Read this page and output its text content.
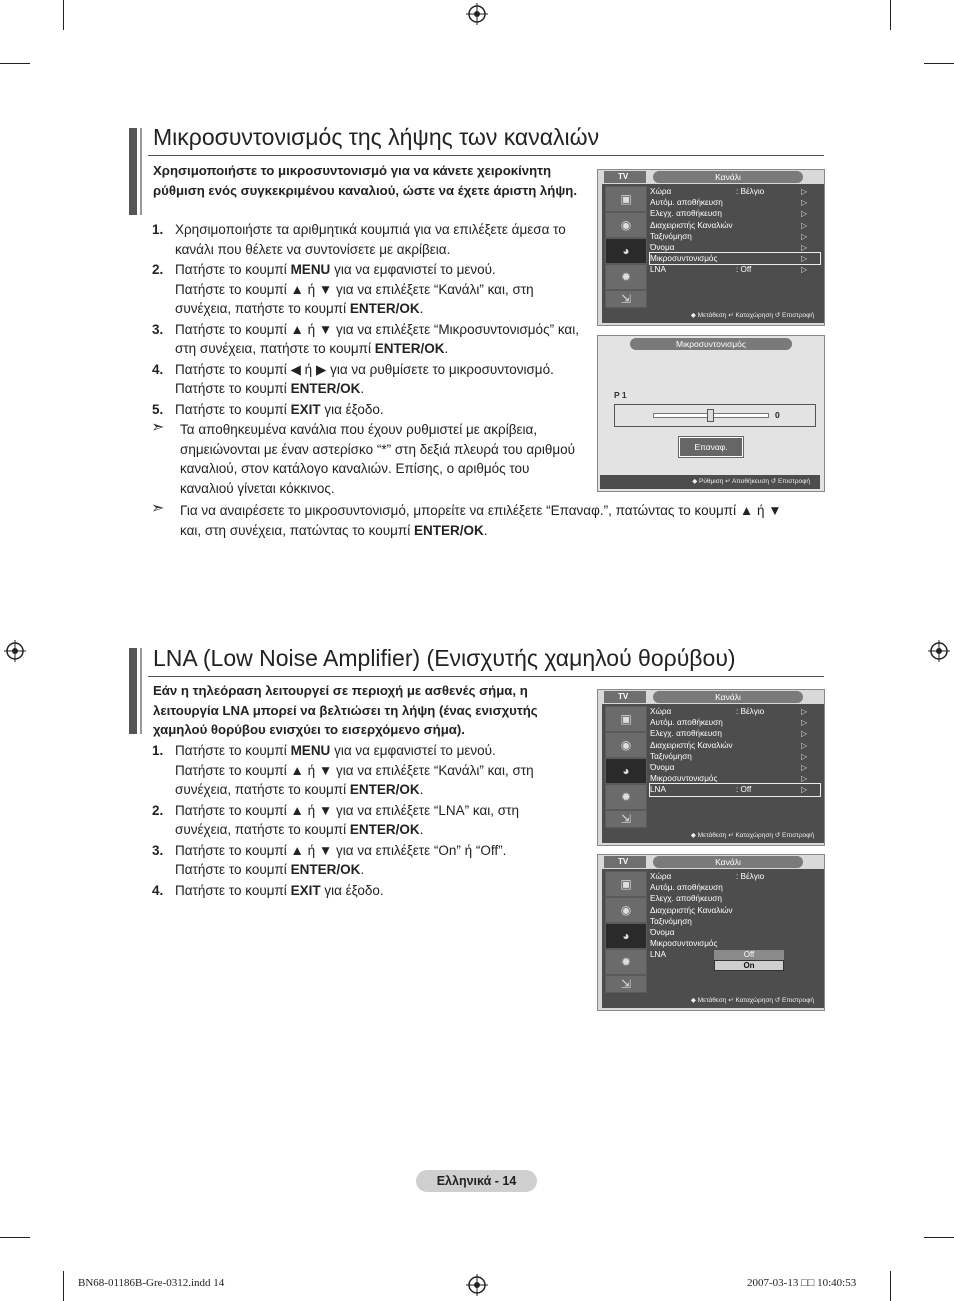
Μικροσυντονισμός της λήψης των καναλιών
Χρησιμοποιήστε το μικροσυντονισμό για να κάνετε χειροκίνητη ρύθμιση ενός συγκεκριμένου καναλιού, ώστε να έχετε άριστη λήψη.
1. Χρησιμοποιήστε τα αριθμητικά κουμπιά για να επιλέξετε άμεσα το κανάλι που θέλετε να συντονίσετε με ακρίβεια.
2. Πατήστε το κουμπί MENU για να εμφανιστεί το μενού.
Πατήστε το κουμπί ▲ ή ▼ για να επιλέξετε “Κανάλι” και, στη συνέχεια, πατήστε το κουμπί ENTER/OK.
3. Πατήστε το κουμπί ▲ ή ▼ για να επιλέξετε “Μικροσυντονισμός” και, στη συνέχεια, πατήστε το κουμπί ENTER/OK.
4. Πατήστε το κουμπί ◀ ή ▶ για να ρυθμίσετε το μικροσυντονισμό.
Πατήστε το κουμπί ENTER/OK.
5. Πατήστε το κουμπί EXIT για έξοδο.
➣ Τα αποθηκευμένα κανάλια που έχουν ρυθμιστεί με ακρίβεια, σημειώνονται με έναν αστερίσκο “*” στη δεξιά πλευρά του αριθμού καναλιού, στον κατάλογο καναλιών. Επίσης, ο αριθμός του καναλιού γίνεται κόκκινος.
➣ Για να αναιρέσετε το μικροσυντονισμό, μπορείτε να επιλέξετε “Επαναφ.”, πατώντας το κουμπί ▲ ή ▼ και, στη συνέχεια, πατώντας το κουμπί ENTER/OK.
TV	Κανάλι
▣
◉
◕
✹
⇲
Χώρα	: Βέλγιο	▷
Αυτόμ. αποθήκευση	▷
Ελεγχ. αποθήκευση	▷
Διαχειριστής Καναλιών	▷
Ταξινόμηση	▷
Όνομα	▷
Μικροσυντονισμός	▷
LNA	: Off	▷
◆ Μετάθεση ↵ Καταχώρηση ↺ Επιστροφή
Μικροσυντονισμός
P 1
0
Επαναφ.
◆ Ρύθμιση ↵ Αποθήκευση ↺ Επιστροφή
LNA (Low Noise Amplifier) (Ενισχυτής χαμηλού θορύβου)
Εάν η τηλεόραση λειτουργεί σε περιοχή με ασθενές σήμα, η λειτουργία LNA μπορεί να βελτιώσει τη λήψη (ένας ενισχυτής χαμηλού θορύβου ενισχύει το εισερχόμενο σήμα).
1. Πατήστε το κουμπί MENU για να εμφανιστεί το μενού.
Πατήστε το κουμπί ▲ ή ▼ για να επιλέξετε “Κανάλι” και, στη συνέχεια, πατήστε το κουμπί ENTER/OK.
2. Πατήστε το κουμπί ▲ ή ▼ για να επιλέξετε “LNA” και, στη συνέχεια, πατήστε το κουμπί ENTER/OK.
3. Πατήστε το κουμπί ▲ ή ▼ για να επιλέξετε “On” ή “Off”.
Πατήστε το κουμπί ENTER/OK.
4. Πατήστε το κουμπί EXIT για έξοδο.
TV	Κανάλι
▣
◉
◕
✹
⇲
Χώρα	: Βέλγιο	▷
Αυτόμ. αποθήκευση	▷
Ελεγχ. αποθήκευση	▷
Διαχειριστής Καναλιών	▷
Ταξινόμηση	▷
Όνομα	▷
Μικροσυντονισμός	▷
LNA	: Off	▷
◆ Μετάθεση ↵ Καταχώρηση ↺ Επιστροφή
TV	Κανάλι
▣
◉
◕
✹
⇲
Χώρα	: Βέλγιο
Αυτόμ. αποθήκευση
Ελεγχ. αποθήκευση
Διαχειριστής Καναλιών
Ταξινόμηση
Όνομα
Μικροσυντονισμός
LNA	Off
On
◆ Μετάθεση ↵ Καταχώρηση ↺ Επιστροφή
Ελληνικά - 14
BN68-01186B-Gre-0312.indd 14	2007-03-13 □□ 10:40:53
